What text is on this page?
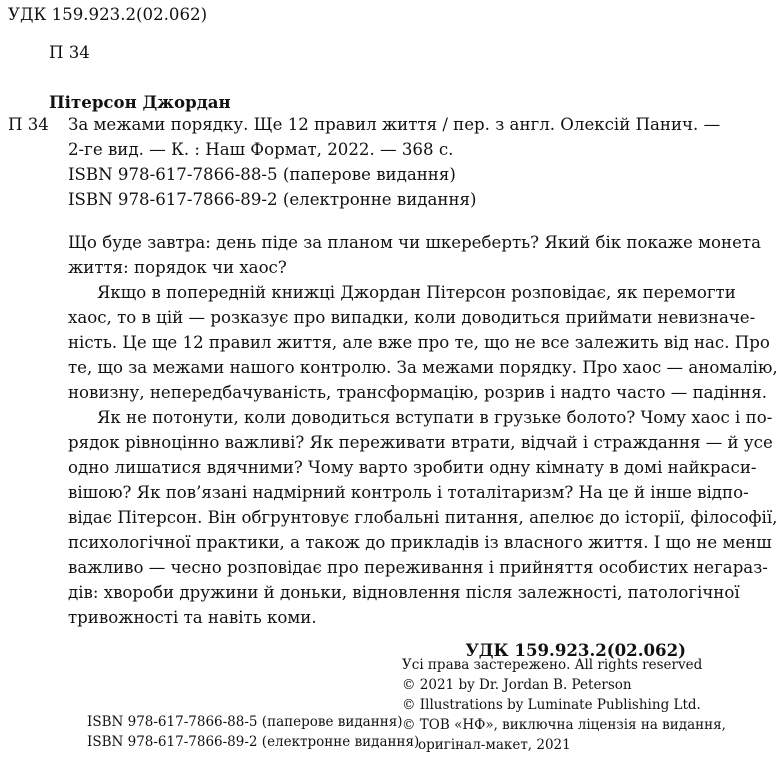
УДК 159.923.2(02.062)
П 34
Пітерсон Джордан
П 34 За межами порядку. Ще 12 правил життя / пер. з англ. Олексій Панич. —
2-ге вид. — К. : Наш Формат, 2022. — 368 с.
ISBN 978-617-7866-88-5 (паперове видання)
ISBN 978-617-7866-89-2 (електронне видання)
Що буде завтра: день піде за планом чи шкереберть? Який бік покаже монета
життя: порядок чи хаос?
Якщо в попередній книжці Джордан Пітерсон розповідає, як перемогти
хаос, то в цій — розказує про випадки, коли доводиться приймати невизначе-
ність. Це ще 12 правил життя, але вже про те, що не все залежить від нас. Про
те, що за межами нашого контролю. За межами порядку. Про хаос — аномалію,
новизну, непередбачуваність, трансформацію, розрив і надто часто — падіння.
Як не потонути, коли доводиться вступати в грузьке болото? Чому хаос і по-
рядок рівноцінно важливі? Як переживати втрати, відчай і страждання — й усе
одно лишатися вдячними? Чому варто зробити одну кімнату в домі найкраси-
вішою? Як пов’язані надмірний контроль і тоталітаризм? На це й інше відпо-
відає Пітерсон. Він обгрунтовує глобальні питання, апелює до історії, філософії,
психологічної практики, а також до прикладів із власного життя. І що не менш
важливо — чесно розповідає про переживання і прийняття особистих негараз-
дів: хвороби дружини й доньки, відновлення після залежності, патологічної
тривожності та навіть коми.
УДК 159.923.2(02.062)
Усі права застережено. All rights reserved
© 2021 by Dr. Jordan B. Peterson
© Illustrations by Luminate Publishing Ltd.
© ТОВ «НФ», виключна ліцензія на видання,
оригінал-макет, 2021
ISBN 978-617-7866-88-5 (паперове видання)
ISBN 978-617-7866-89-2 (електронне видання)
